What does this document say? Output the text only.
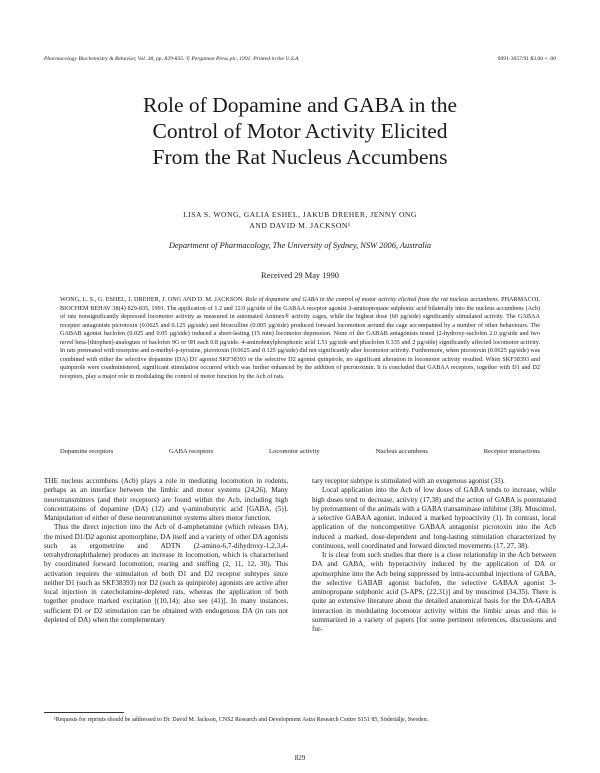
Pharmacology Biochemistry & Behavior, Vol. 38, pp. 829-835. © Pergamon Press plc, 1991. Printed in the U.S.A.	0091-3057/91 $3.00 + .00
Role of Dopamine and GABA in the
Control of Motor Activity Elicited
From the Rat Nucleus Accumbens
LISA S. WONG, GALIA ESHEL, JAKUB DREHER, JENNY ONG
AND DAVID M. JACKSON¹
Department of Pharmacology, The University of Sydney, NSW 2006, Australia
Received 29 May 1990

WONG, L. S., G. ESHEL, J. DREHER, J. ONG AND D. M. JACKSON. Role of dopamine and GABA in the control of motor activity elicited from the rat nucleus accumbens. PHARMACOL BIOCHEM BEHAV 38(4) 829-835, 1991. The application of 1.2 and 12.0 µg/side of the GABAA receptor agonist 3-aminopropane sulphonic acid bilaterally into the nucleus accumbens (Acb) of rats nonsignificantly depressed locomotor activity as measured in automated Animex® activity cages, while the highest dose (60 µg/side) significantly stimulated activity. The GABAA receptor antagonists picrotoxin (0.0625 and 0.125 µg/side) and bicuculline (0.005 µg/side) produced forward locomotion around the cage accompanied by a number of other behaviours. The GABAB agonist baclofen (0.025 and 0.05 µg/side) induced a short-lasting (15 min) locomotor depression. None of the GABAB antagonists tested (2-hydroxy-saclofen 2.0 µg/side and two novel beta-[thiophen]-analogues of baclofen 9G or 9H each 0.8 µg/side. 4-aminobutylphosphonic acid 1.51 µg/side and phaclofen 0.335 and 2 µg/side) significantly affected locomotor activity. In rats pretreated with reserpine and α-methyl-p-tyrosine, picrotoxin (0.0625 and 0.125 µg/side) did not significantly alter locomotor activity. Furthermore, when picrotoxin (0.0625 µg/side) was combined with either the selective dopamine (DA) D1 agonist SKF38393 or the selective D2 agonist quinpirole, no significant alteration in locomotor activity resulted. When SKF38393 and quinpirole were coadministered, significant stimulation occurred which was further enhanced by the addition of picrotoxinin. It is concluded that GABAA receptors, together with D1 and D2 receptors, play a major role in modulating the control of motor function by the Acb of rats.

Dopamine receptors	GABA receptors	Locomotor activity	Nucleus accumbens	Receptor interactions

THE nucleus accumbens (Acb) plays a role in mediating locomotion in rodents, perhaps as an interface between the limbic and motor systems (24,26). Many neurotransmitters (and their receptors) are found within the Acb, including high concentrations of dopamine (DA) (12) and γ-aminobutyric acid [GABA, (5)]. Manipulation of either of these neurotransmitter systems alters motor function.

Thus the direct injection into the Acb of d-amphetamine (which releases DA), the mixed D1/D2 agonist apomorphine, DA itself and a variety of other DA agonists such as ergometrine and ADTN (2-amino-6,7-dihydroxy-1,2,3,4-tetrahydronaphthalene) produces an increase in locomotion, which is characterised by coordinated forward locomotion, rearing and sniffing (2, 11, 12, 30). This activation requires the stimulation of both D1 and D2 receptor subtypes since neither D1 (such as SKF38393) nor D2 (such as quinpirole) agonists are active after local injection in catecholamine-depleted rats, whereas the application of both together produce marked excitation [(10,14); also see (41)]. In many instances, sufficient D1 or D2 stimulation can be obtained with endogenous DA (in rats not depleted of DA) when the complementary

tary receptor subtype is stimulated with an exogenous agonist (33).

Local application into the Acb of low doses of GABA tends to increase, while high doses tend to decrease, activity (17,38) and the action of GABA is potentiated by pretreatment of the animals with a GABA transaminase inhibitor (38). Muscimol, a selective GABAA agonist, induced a marked hypoactivity (1). In contrast, local application of the noncompetitive GABAA antagonist picrotoxin into the Acb induced a marked, dose-dependent and long-lasting stimulation characterized by continuous, well coordinated and forward directed movements (17, 27, 38).

It is clear from such studies that there is a close relationship in the Acb between DA and GABA, with hyperactivity induced by the application of DA or apomorphine into the Acb being suppressed by intra-accumbal injections of GABA, the selective GABAB agonist baclofen, the selective GABAA agonist 3-aminopropane sulphonic acid (3-APS, (22,31)] and by muscimol (34,35). There is quite an extensive literature about the detailed anatomical basis for the DA-GABA interaction in modulating locomotor activity within the limbic areas and this is summarized in a variety of papers [for some pertinent references, discussions and fur-

¹Requests for reprints should be addressed to Dr. David M. Jackson, CNS2 Research and Development Astra Research Centre S151 85, Södertälje, Sweden.
829
